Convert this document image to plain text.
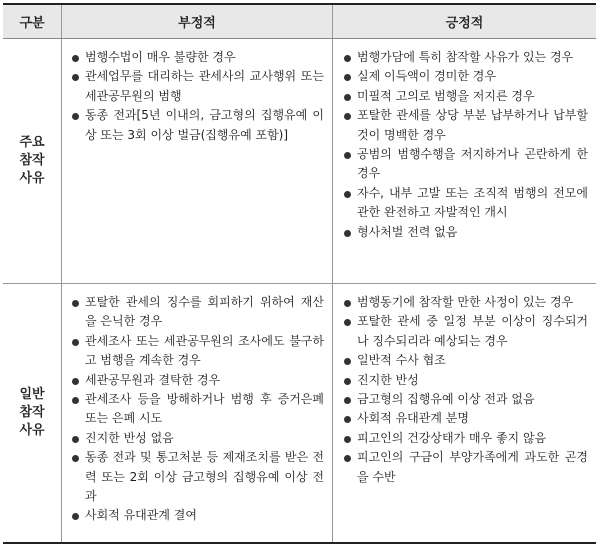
구분	부정적	긍정적
주요
참작
사유
범행수법이 매우 불량한 경우
관세업무를 대리하는 관세사의 교사행위 또는 세관공무원의 범행
동종 전과[5년 이내의, 금고형의 집행유예 이상 또는 3회 이상 벌금(집행유예 포함)]
범행가담에 특히 참작할 사유가 있는 경우
실제 이득액이 경미한 경우
미필적 고의로 범행을 저지른 경우
포탈한 관세를 상당 부분 납부하거나 납부할 것이 명백한 경우
공범의 범행수행을 저지하거나 곤란하게 한 경우
자수, 내부 고발 또는 조직적 범행의 전모에 관한 완전하고 자발적인 개시
형사처벌 전력 없음
일반
참작
사유
포탈한 관세의 징수를 회피하기 위하여 재산을 은닉한 경우
관세조사 또는 세관공무원의 조사에도 불구하고 범행을 계속한 경우
세관공무원과 결탁한 경우
관세조사 등을 방해하거나 범행 후 증거은폐 또는 은폐 시도
진지한 반성 없음
동종 전과 및 통고처분 등 제재조치를 받은 전력 또는 2회 이상 금고형의 집행유예 이상 전과
사회적 유대관계 결여
범행동기에 참작할 만한 사정이 있는 경우
포탈한 관세 중 일정 부분 이상이 징수되거나 징수되리라 예상되는 경우
일반적 수사 협조
진지한 반성
금고형의 집행유예 이상 전과 없음
사회적 유대관계 분명
피고인의 건강상태가 매우 좋지 않음
피고인의 구금이 부양가족에게 과도한 곤경을 수반
